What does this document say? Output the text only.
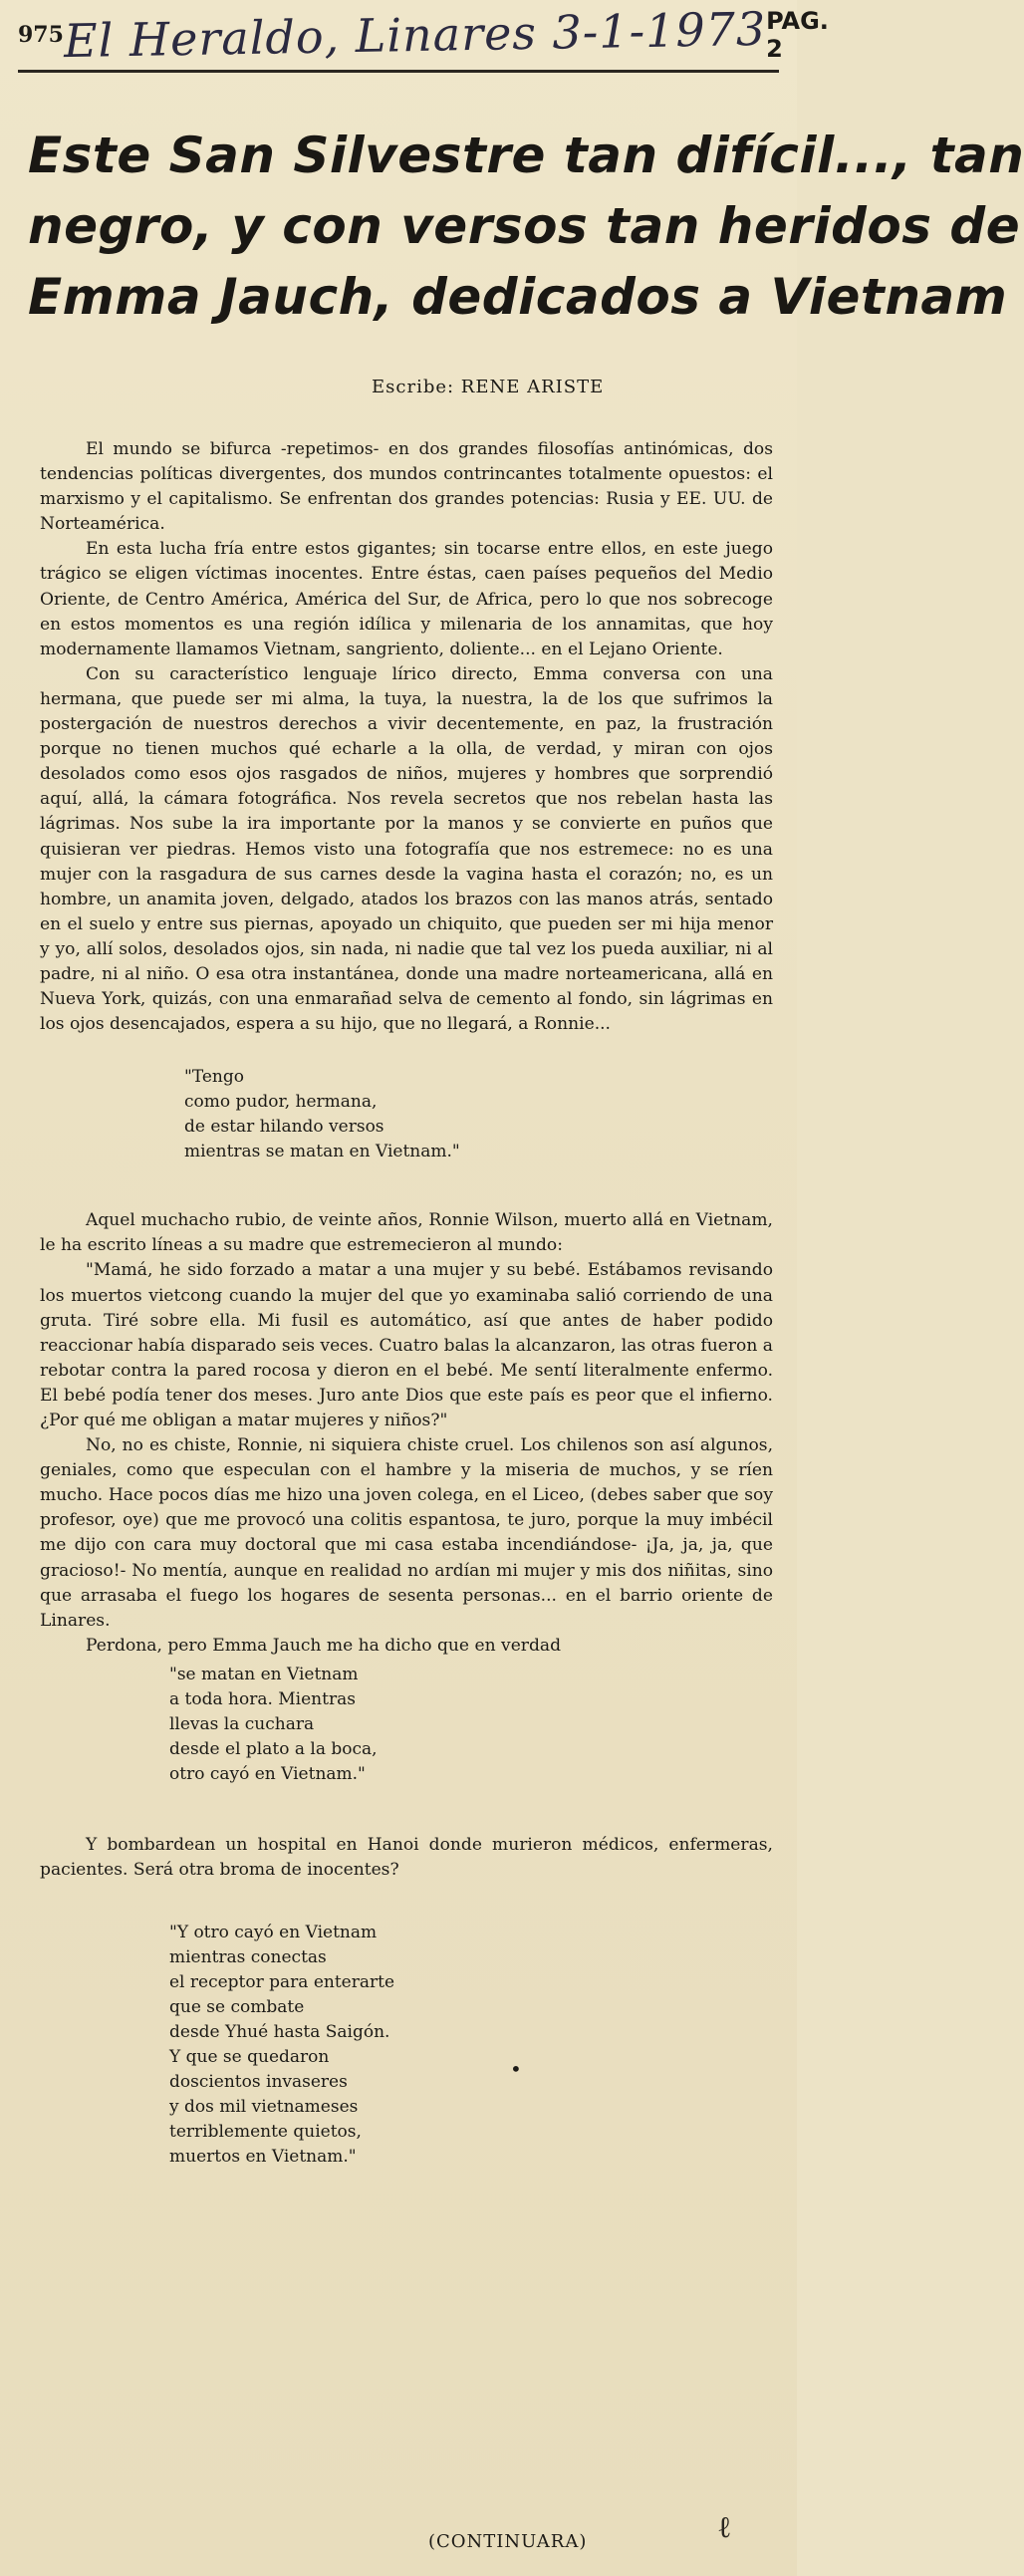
975 El Heraldo, Linares 3-1-1973 PAG. 2
Este San Silvestre tan difícil..., tan
negro, y con versos tan heridos de
Emma Jauch, dedicados a Vietnam
Escribe: RENE ARISTE

El mundo se bifurca -repetimos- en dos grandes filosofías antinómicas, dos tendencias políticas divergentes, dos mundos contrincantes totalmente opuestos: el marxismo y el capitalismo. Se enfrentan dos grandes potencias: Rusia y EE. UU. de Norteamérica.

En esta lucha fría entre estos gigantes; sin tocarse entre ellos, en este juego trágico se eligen víctimas inocentes. Entre éstas, caen países pequeños del Medio Oriente, de Centro América, América del Sur, de Africa, pero lo que nos sobrecoge en estos momentos es una región idílica y milenaria de los annamitas, que hoy modernamente llamamos Vietnam, sangriento, doliente... en el Lejano Oriente.

Con su característico lenguaje lírico directo, Emma conversa con una hermana, que puede ser mi alma, la tuya, la nuestra, la de los que sufrimos la postergación de nuestros derechos a vivir decentemente, en paz, la frustración porque no tienen muchos qué echarle a la olla, de verdad, y miran con ojos desolados como esos ojos rasgados de niños, mujeres y hombres que sorprendió aquí, allá, la cámara fotográfica. Nos revela secretos que nos rebelan hasta las lágrimas. Nos sube la ira importante por la manos y se convierte en puños que quisieran ver piedras. Hemos visto una fotografía que nos estremece: no es una mujer con la rasgadura de sus carnes desde la vagina hasta el corazón; no, es un hombre, un anamita joven, delgado, atados los brazos con las manos atrás, sentado en el suelo y entre sus piernas, apoyado un chiquito, que pueden ser mi hija menor y yo, allí solos, desolados ojos, sin nada, ni nadie que tal vez los pueda auxiliar, ni al padre, ni al niño. O esa otra instantánea, donde una madre norteamericana, allá en Nueva York, quizás, con una enmarañad selva de cemento al fondo, sin lágrimas en los ojos desencajados, espera a su hijo, que no llegará, a Ronnie...

"Tengo
como pudor, hermana,
de estar hilando versos
mientras se matan en Vietnam."

Aquel muchacho rubio, de veinte años, Ronnie Wilson, muerto allá en Vietnam, le ha escrito líneas a su madre que estremecieron al mundo:

"Mamá, he sido forzado a matar a una mujer y su bebé. Estábamos revisando los muertos vietcong cuando la mujer del que yo examinaba salió corriendo de una gruta. Tiré sobre ella. Mi fusil es automático, así que antes de haber podido reaccionar había disparado seis veces. Cuatro balas la alcanzaron, las otras fueron a rebotar contra la pared rocosa y dieron en el bebé. Me sentí literalmente enfermo. El bebé podía tener dos meses. Juro ante Dios que este país es peor que el infierno. ¿Por qué me obligan a matar mujeres y niños?"

No, no es chiste, Ronnie, ni siquiera chiste cruel. Los chilenos son así algunos, geniales, como que especulan con el hambre y la miseria de muchos, y se ríen mucho. Hace pocos días me hizo una joven colega, en el Liceo, (debes saber que soy profesor, oye) que me provocó una colitis espantosa, te juro, porque la muy imbécil me dijo con cara muy doctoral que mi casa estaba incendiándose- ¡Ja, ja, ja, que gracioso!- No mentía, aunque en realidad no ardían mi mujer y mis dos niñitas, sino que arrasaba el fuego los hogares de sesenta personas... en el barrio oriente de Linares.

Perdona, pero Emma Jauch me ha dicho que en verdad

"se matan en Vietnam
a toda hora. Mientras
llevas la cuchara
desde el plato a la boca,
otro cayó en Vietnam."

Y bombardean un hospital en Hanoi donde murieron médicos, enfermeras, pacientes. Será otra broma de inocentes?

"Y otro cayó en Vietnam
mientras conectas
el receptor para enterarte
que se combate
desde Yhué hasta Saigón.
Y que se quedaron
doscientos invaseres
y dos mil vietnameses
terriblemente quietos,
muertos en Vietnam."
•
ℓ
(CONTINUARA)
